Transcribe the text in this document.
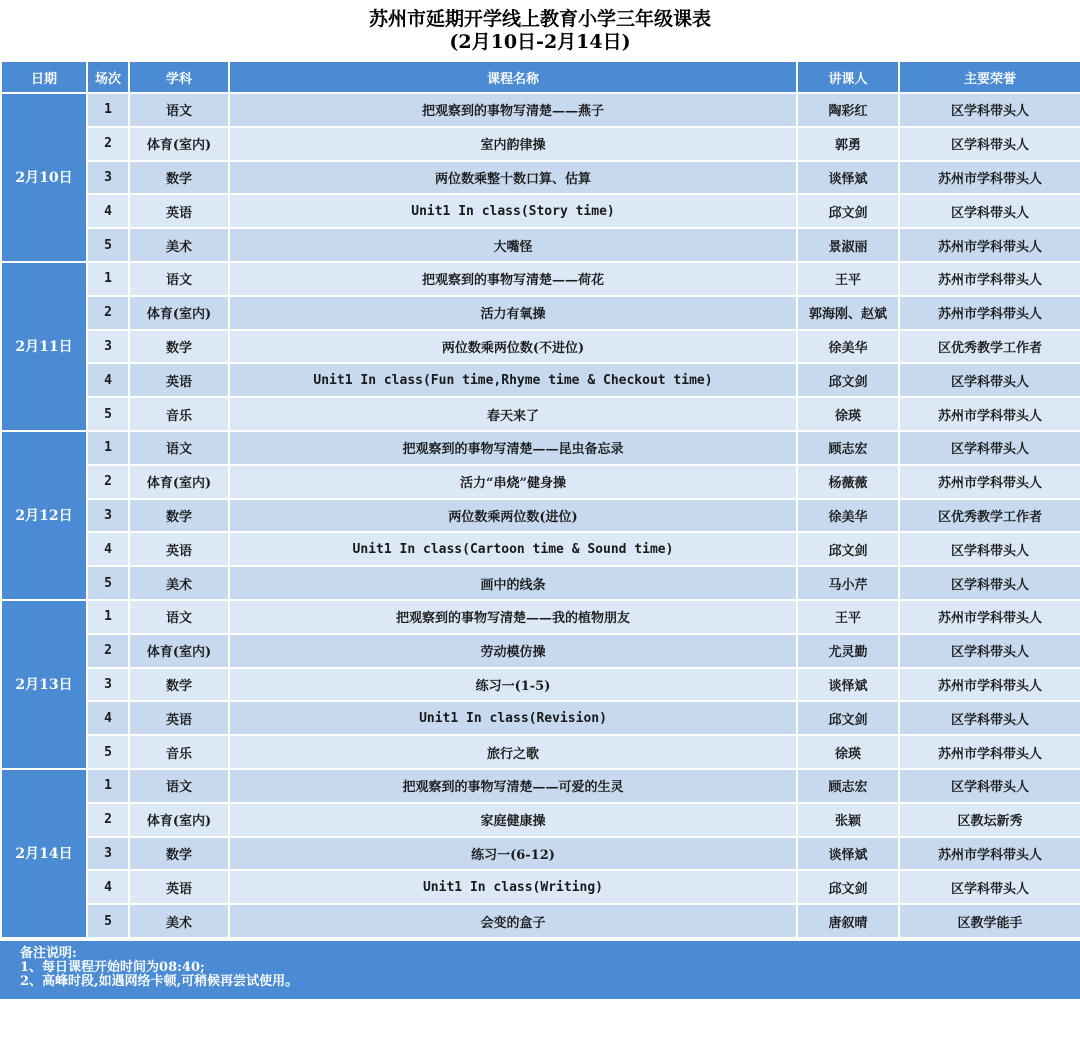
苏州市延期开学线上教育小学三年级课表
(2月10日-2月14日)
日期	场次	学科	课程名称	讲课人	主要荣誉
2月10日	1	语文	把观察到的事物写清楚——燕子	陶彩红	区学科带头人
	2	体育(室内)	室内韵律操	郭勇	区学科带头人
	3	数学	两位数乘整十数口算、估算	谈怿斌	苏州市学科带头人
	4	英语	Unit1 In class(Story time)	邱文剑	区学科带头人
	5	美术	大嘴怪	景淑丽	苏州市学科带头人
2月11日	1	语文	把观察到的事物写清楚——荷花	王平	苏州市学科带头人
	2	体育(室内)	活力有氧操	郭海刚、赵斌	苏州市学科带头人
	3	数学	两位数乘两位数(不进位)	徐美华	区优秀教学工作者
	4	英语	Unit1 In class(Fun time,Rhyme time & Checkout time)	邱文剑	区学科带头人
	5	音乐	春天来了	徐瑛	苏州市学科带头人
2月12日	1	语文	把观察到的事物写清楚——昆虫备忘录	顾志宏	区学科带头人
	2	体育(室内)	活力“串烧”健身操	杨薇薇	苏州市学科带头人
	3	数学	两位数乘两位数(进位)	徐美华	区优秀教学工作者
	4	英语	Unit1 In class(Cartoon time & Sound time)	邱文剑	区学科带头人
	5	美术	画中的线条	马小芹	区学科带头人
2月13日	1	语文	把观察到的事物写清楚——我的植物朋友	王平	苏州市学科带头人
	2	体育(室内)	劳动模仿操	尤灵勤	区学科带头人
	3	数学	练习一(1-5)	谈怿斌	苏州市学科带头人
	4	英语	Unit1 In class(Revision)	邱文剑	区学科带头人
	5	音乐	旅行之歌	徐瑛	苏州市学科带头人
2月14日	1	语文	把观察到的事物写清楚——可爱的生灵	顾志宏	区学科带头人
	2	体育(室内)	家庭健康操	张颖	区教坛新秀
	3	数学	练习一(6-12)	谈怿斌	苏州市学科带头人
	4	英语	Unit1 In class(Writing)	邱文剑	区学科带头人
	5	美术	会变的盒子	唐叙晴	区教学能手
备注说明:
1、每日课程开始时间为08:40;
2、高峰时段,如遇网络卡顿,可稍候再尝试使用。
